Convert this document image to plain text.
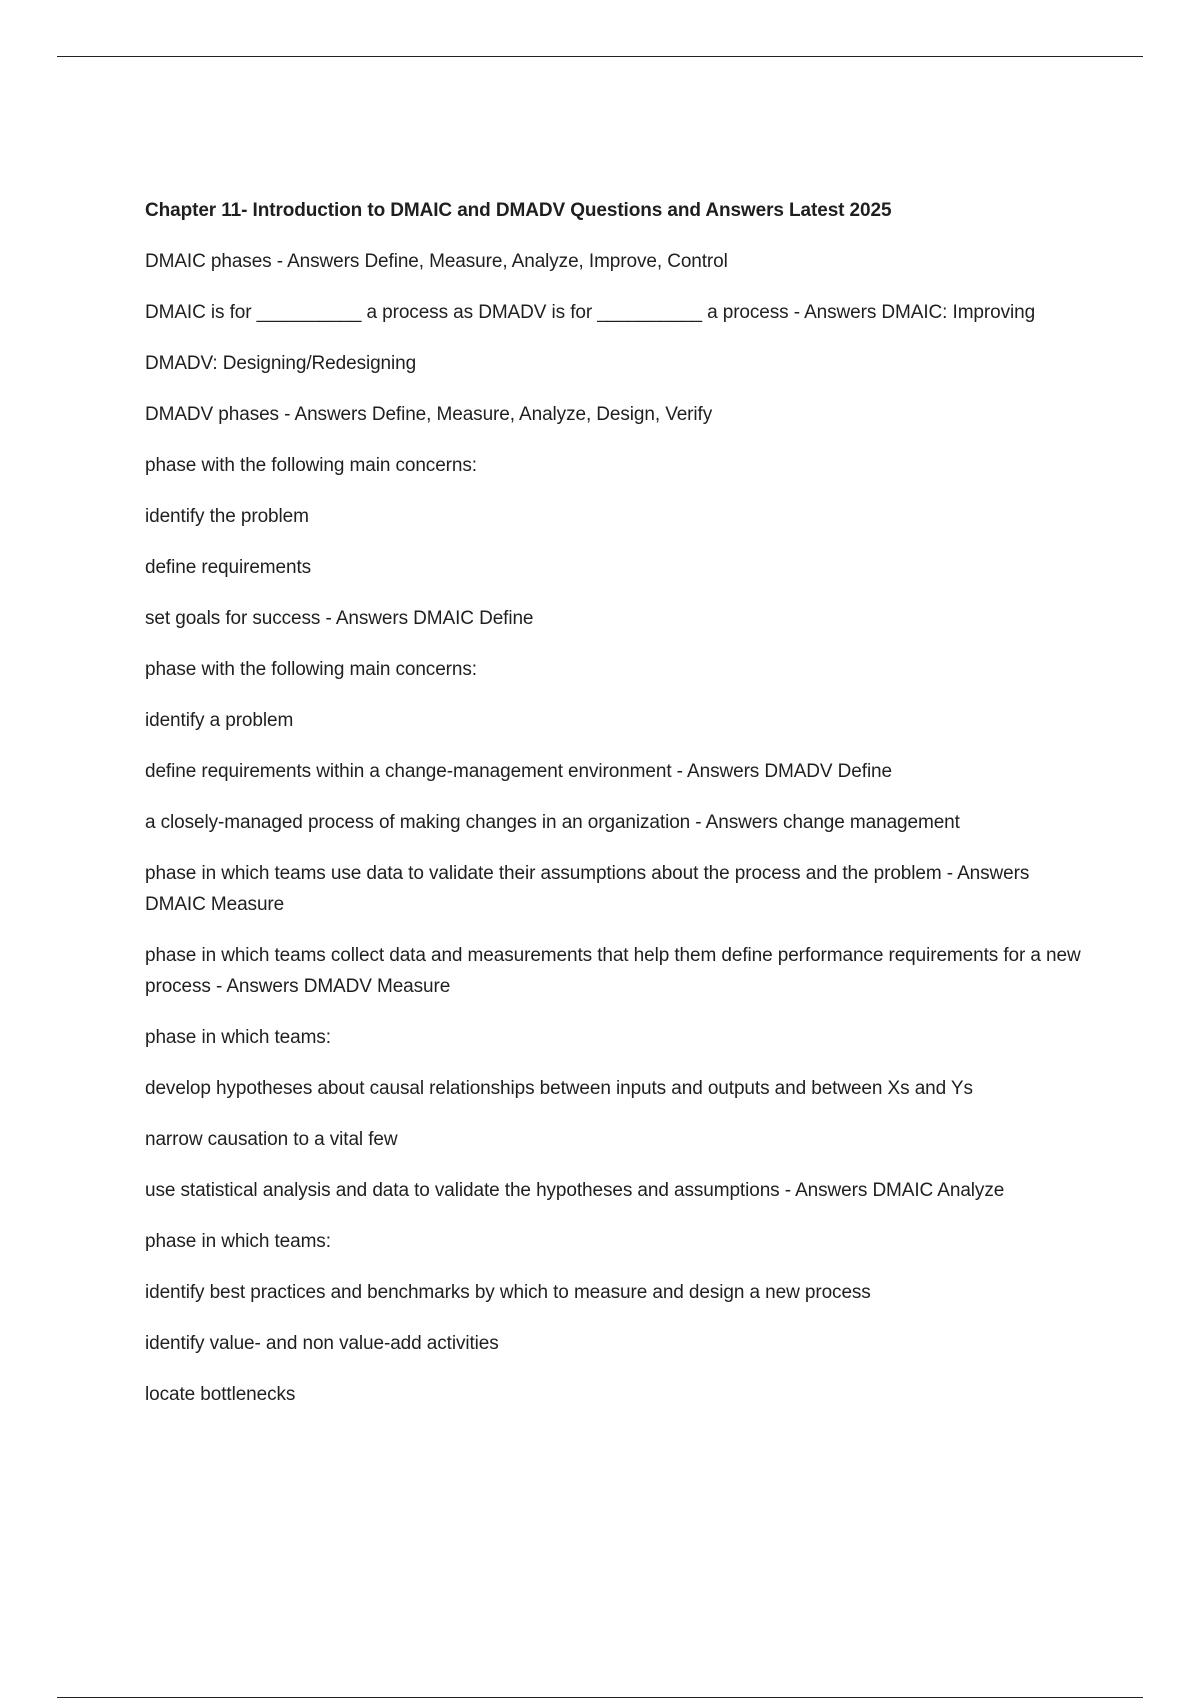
Chapter 11- Introduction to DMAIC and DMADV Questions and Answers Latest 2025
DMAIC phases - Answers Define, Measure, Analyze, Improve, Control
DMAIC is for __________ a process as DMADV is for __________ a process - Answers DMAIC: Improving
DMADV: Designing/Redesigning
DMADV phases - Answers Define, Measure, Analyze, Design, Verify
phase with the following main concerns:
identify the problem
define requirements
set goals for success - Answers DMAIC Define
phase with the following main concerns:
identify a problem
define requirements within a change-management environment - Answers DMADV Define
a closely-managed process of making changes in an organization - Answers change management
phase in which teams use data to validate their assumptions about the process and the problem - Answers DMAIC Measure
phase in which teams collect data and measurements that help them define performance requirements for a new process - Answers DMADV Measure
phase in which teams:
develop hypotheses about causal relationships between inputs and outputs and between Xs and Ys
narrow causation to a vital few
use statistical analysis and data to validate the hypotheses and assumptions - Answers DMAIC Analyze
phase in which teams:
identify best practices and benchmarks by which to measure and design a new process
identify value- and non value-add activities
locate bottlenecks
